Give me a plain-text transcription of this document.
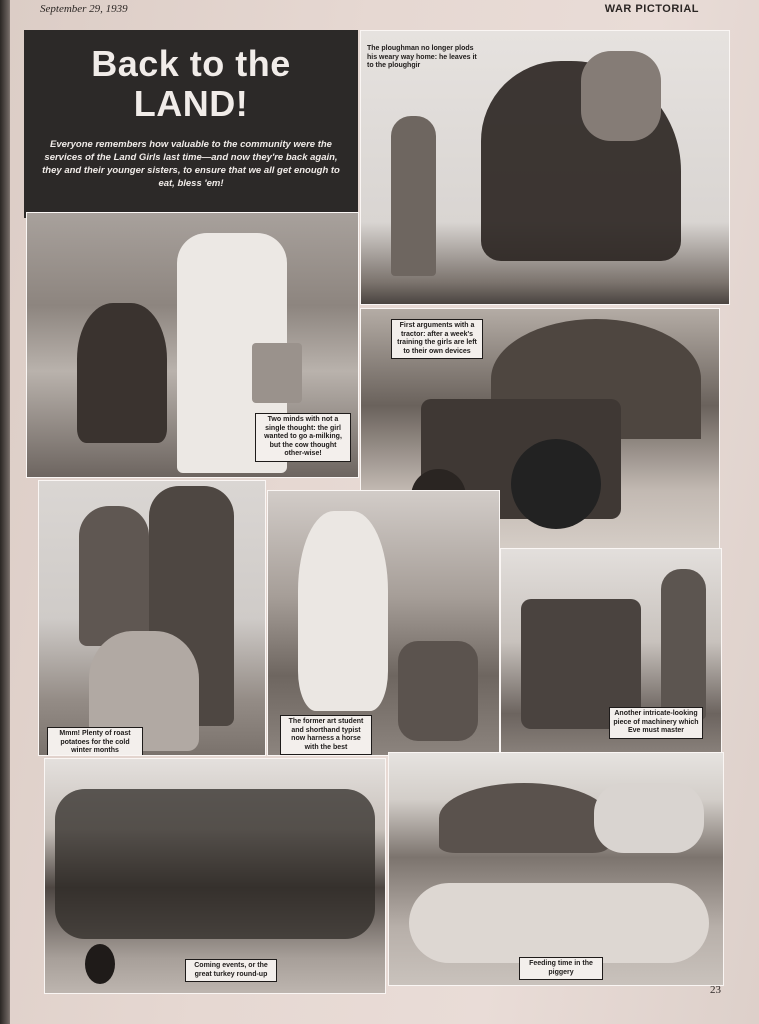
September 29, 1939	WAR PICTORIAL
Back to the
LAND!

Everyone remembers how valuable to the community were the services of the Land Girls last time—and now they're back again, they and their younger sisters, to ensure that we all get enough to eat, bless 'em!

The ploughman no longer plods his weary way home: he leaves it to the ploughgir
Two minds with not a single thought: the girl wanted to go a-milking, but the cow thought other-wise!
First arguments with a tractor: after a week's training the girls are left to their own devices
Mmm! Plenty of roast potatoes for the cold winter months
The former art student and shorthand typist now harness a horse with the best
Another intricate-looking piece of machinery which Eve must master
Coming events, or the great turkey round-up
Feeding time in the piggery
23
